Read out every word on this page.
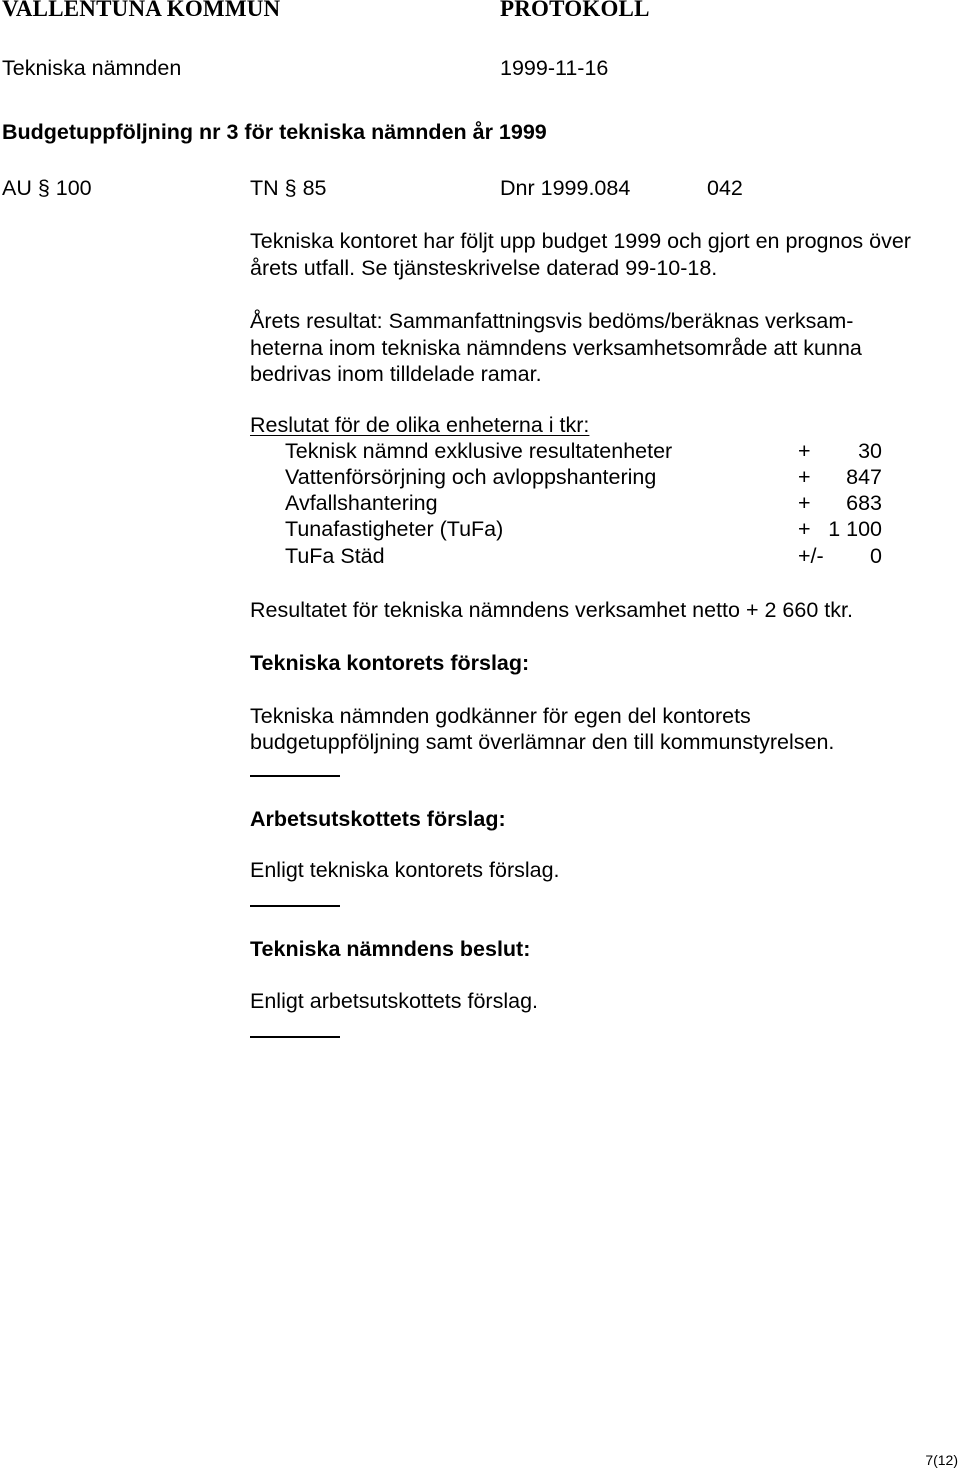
VALLENTUNA KOMMUN	PROTOKOLL
Tekniska nämnden	1999-11-16
Budgetuppföljning nr 3 för tekniska nämnden år 1999
AU § 100	TN § 85	Dnr 1999.084	042
Tekniska kontoret har följt upp budget 1999 och gjort en prognos över
årets utfall. Se tjänsteskrivelse daterad 99-10-18.
Årets resultat: Sammanfattningsvis bedöms/beräknas verksam-
heterna inom tekniska nämndens verksamhetsområde att kunna
bedrivas inom tilldelade ramar.
Reslutat för de olika enheterna i tkr:
Teknisk nämnd exklusive resultatenheter	+ 30
Vattenförsörjning och avloppshantering	+ 847
Avfallshantering	+ 683
Tunafastigheter (TuFa)	+ 1 100
TuFa Städ	+/- 0
Resultatet för tekniska nämndens verksamhet netto + 2 660 tkr.
Tekniska kontorets förslag:
Tekniska nämnden godkänner för egen del kontorets
budgetuppföljning samt överlämnar den till kommunstyrelsen.
Arbetsutskottets förslag:
Enligt tekniska kontorets förslag.
Tekniska nämndens beslut:
Enligt arbetsutskottets förslag.
7(12)
